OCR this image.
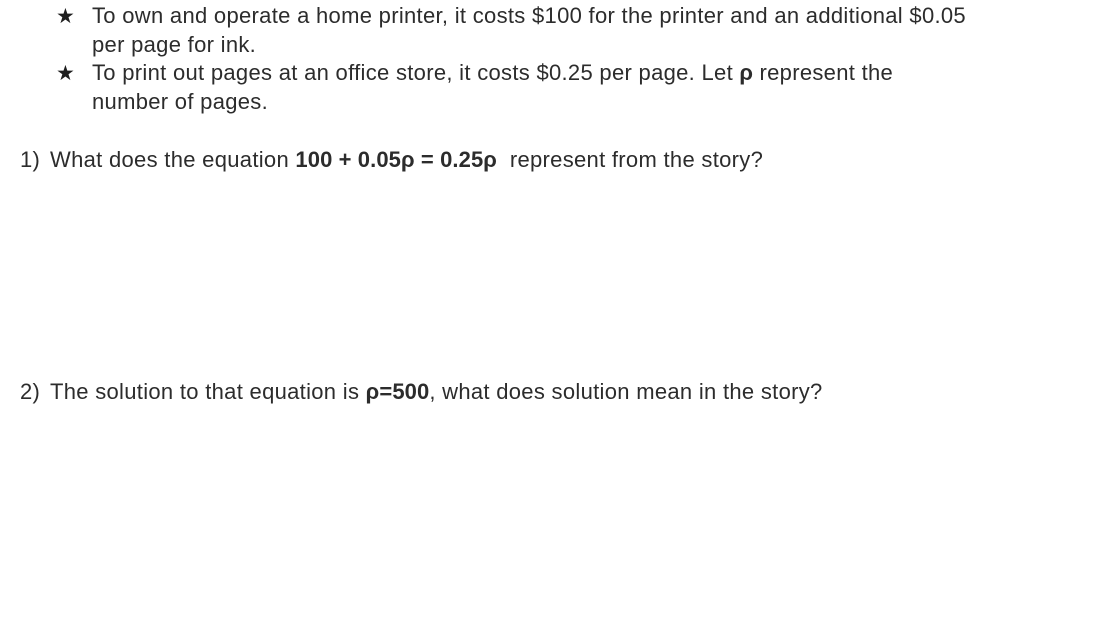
★ To own and operate a home printer, it costs $100 for the printer and an additional $0.05
per page for ink.
★ To print out pages at an office store, it costs $0.25 per page. Let ρ represent the
number of pages.
1) What does the equation 100 + 0.05ρ = 0.25ρ  represent from the story?
2) The solution to that equation is ρ=500, what does solution mean in the story?
